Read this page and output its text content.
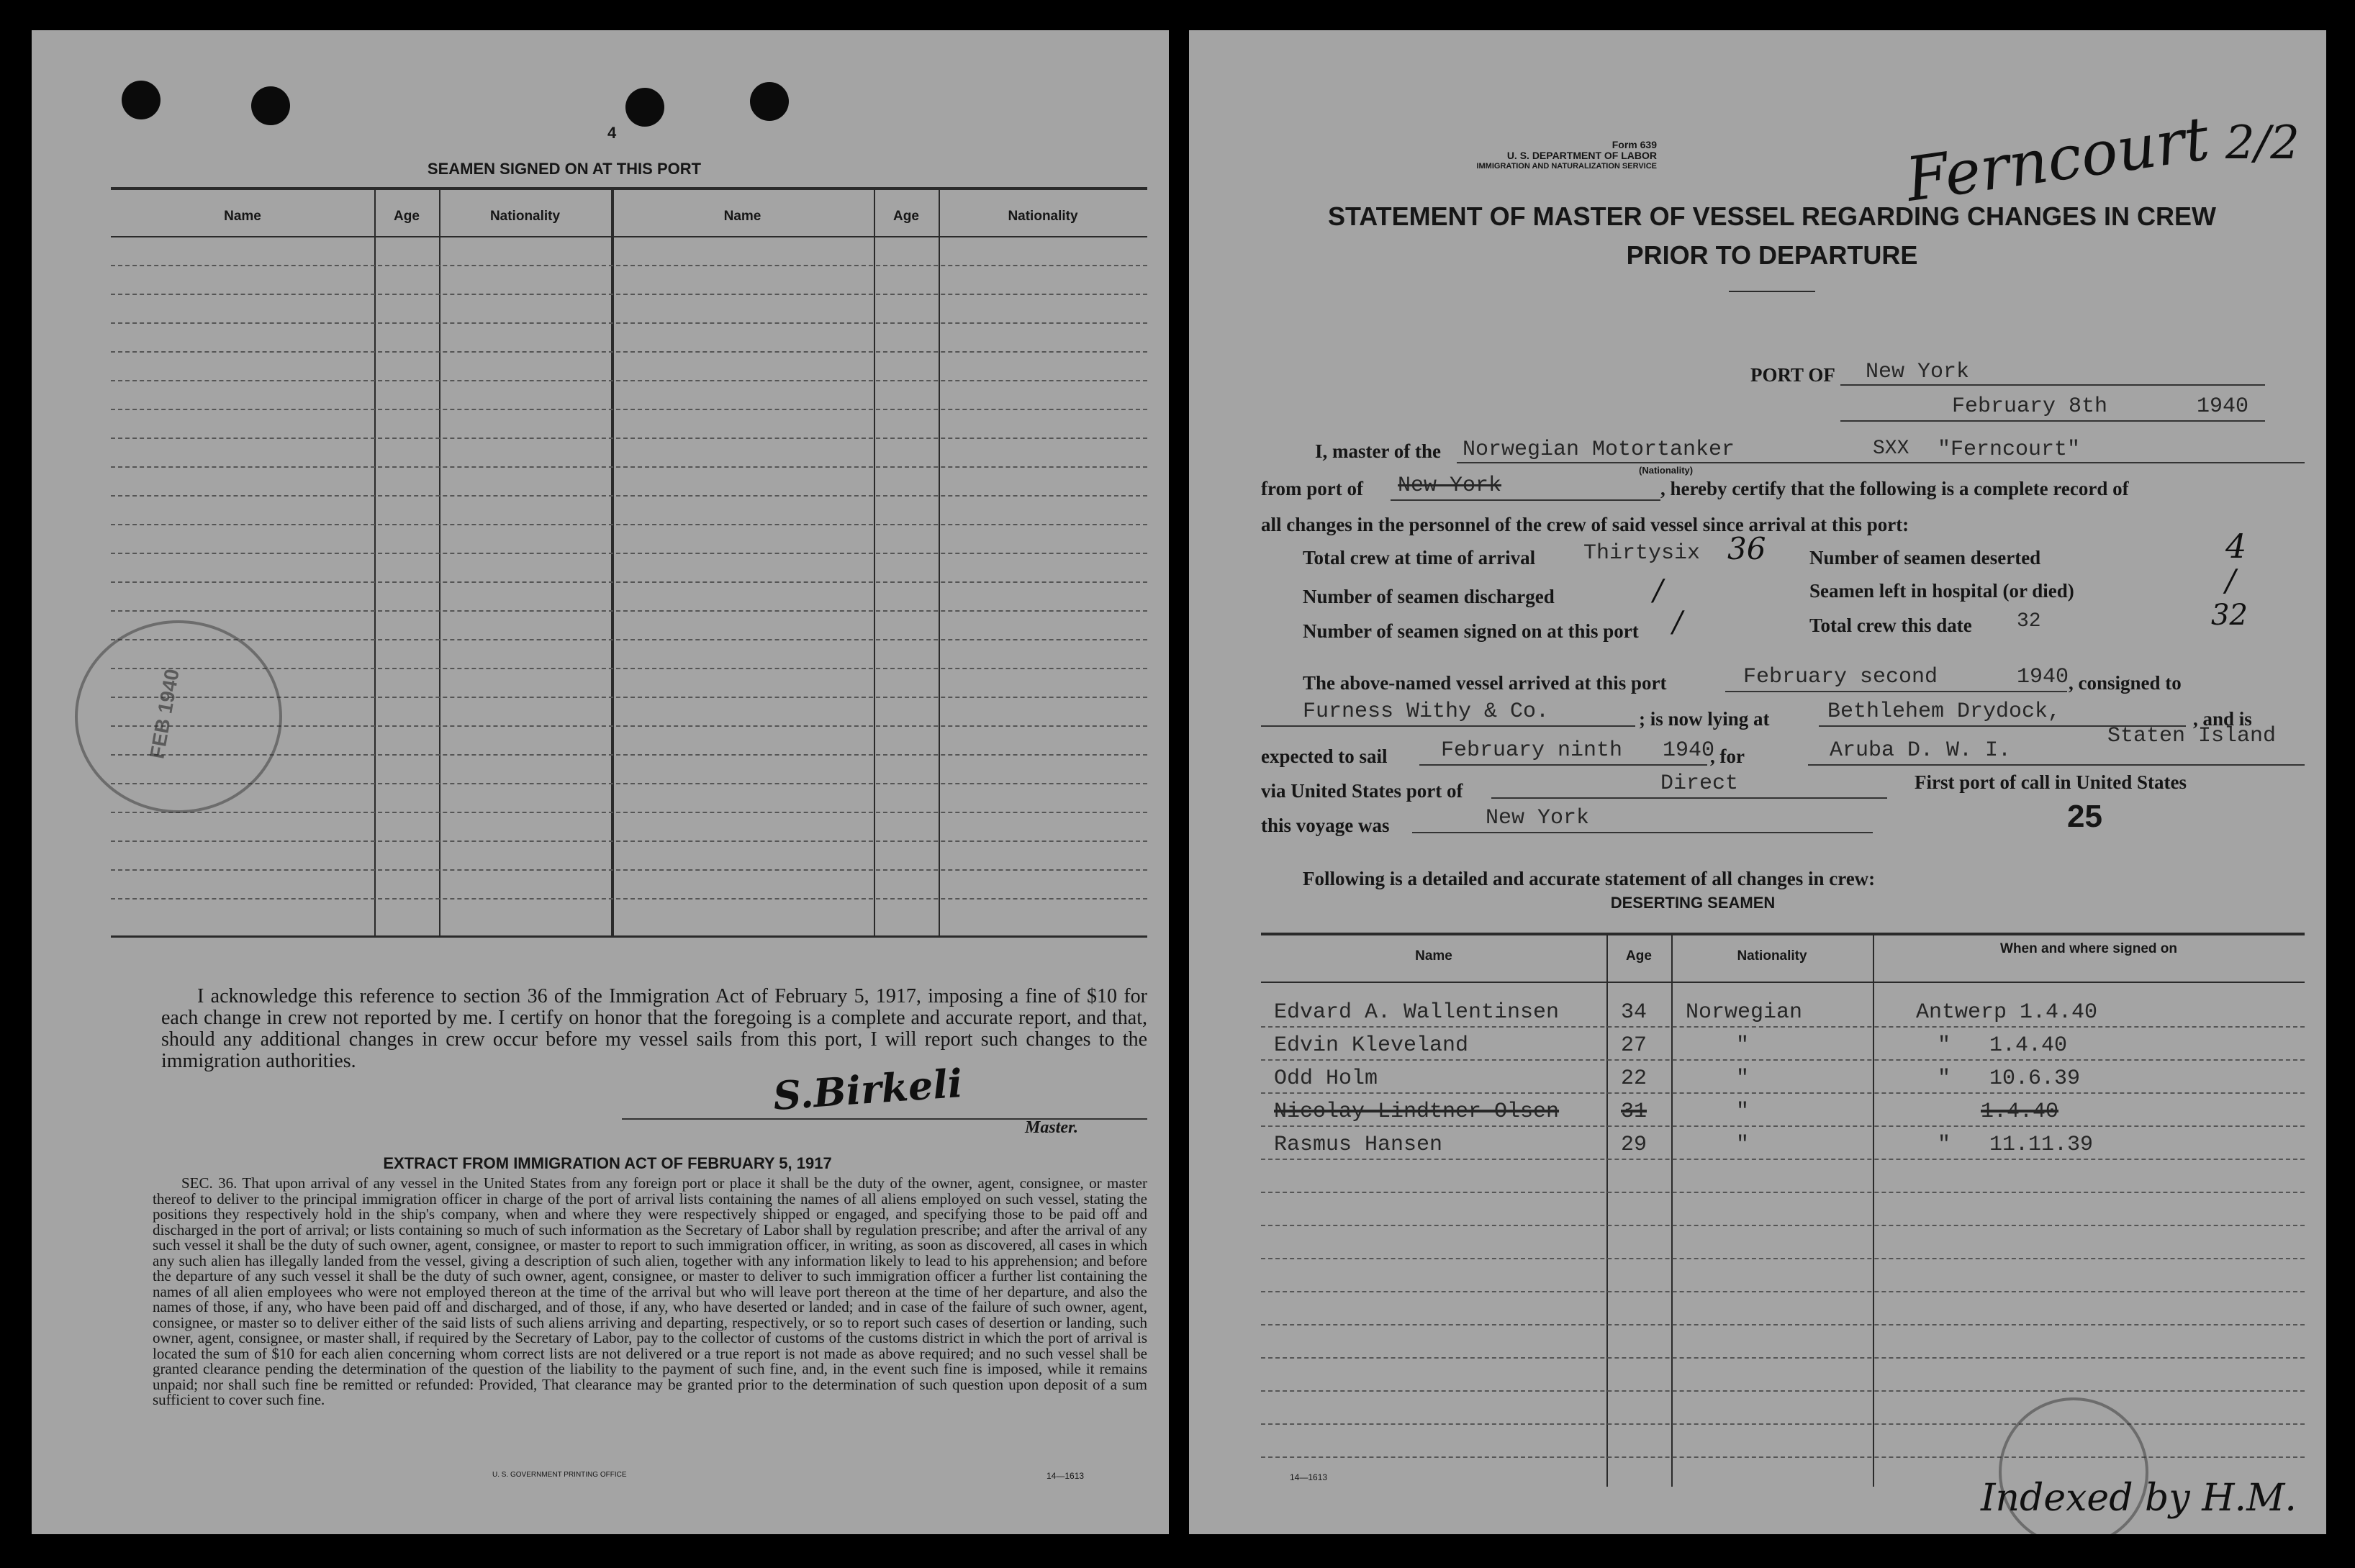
4
SEAMEN SIGNED ON AT THIS PORT
Name	Age	Nationality	Name	Age	Nationality
FEB 1940
I acknowledge this reference to section 36 of the Immigration Act of February 5, 1917, imposing a fine of $10 for each change in crew not reported by me. I certify on honor that the foregoing is a complete and accurate report, and that, should any additional changes in crew occur before my vessel sails from this port, I will report such changes to the immigration authorities.	S.Birkeli
Master.
EXTRACT FROM IMMIGRATION ACT OF FEBRUARY 5, 1917
SEC. 36. That upon arrival of any vessel in the United States from any foreign port or place it shall be the duty of the owner, agent, consignee, or master thereof to deliver to the principal immigration officer in charge of the port of arrival lists containing the names of all aliens employed on such vessel, stating the positions they respectively hold in the ship's company, when and where they were respectively shipped or engaged, and specifying those to be paid off and discharged in the port of arrival; or lists containing so much of such information as the Secretary of Labor shall by regulation prescribe; and after the arrival of any such vessel it shall be the duty of such owner, agent, consignee, or master to report to such immigration officer, in writing, as soon as discovered, all cases in which any such alien has illegally landed from the vessel, giving a description of such alien, together with any information likely to lead to his apprehension; and before the departure of any such vessel it shall be the duty of such owner, agent, consignee, or master to deliver to such immigration officer a further list containing the names of all alien employees who were not employed thereon at the time of the arrival but who will leave port thereon at the time of her departure, and also the names of those, if any, who have been paid off and discharged, and of those, if any, who have deserted or landed; and in case of the failure of such owner, agent, consignee, or master so to deliver either of the said lists of such aliens arriving and departing, respectively, or so to report such cases of desertion or landing, such owner, agent, consignee, or master shall, if required by the Secretary of Labor, pay to the collector of customs of the customs district in which the port of arrival is located the sum of $10 for each alien concerning whom correct lists are not delivered or a true report is not made as above required; and no such vessel shall be granted clearance pending the determination of the question of the liability to the payment of such fine, and, in the event such fine is imposed, while it remains unpaid; nor shall such fine be remitted or refunded: Provided, That clearance may be granted prior to the determination of such question upon deposit of a sum sufficient to cover such fine.
U. S. GOVERNMENT PRINTING OFFICE	14—1613
Form 639
U. S. DEPARTMENT OF LABOR
IMMIGRATION AND NATURALIZATION SERVICE	Ferncourt 2/2
STATEMENT OF MASTER OF VESSEL REGARDING CHANGES IN CREW
PRIOR TO DEPARTURE
PORT OF New York
February 8th	1940
I, master of the Norwegian Motortanker
(Nationality)
SXX "Ferncourt"
from port of New York	, hereby certify that the following is a complete record of
all changes in the personnel of the crew of said vessel since arrival at this port:
Total crew at time of arrival Thirtysix 36 Number of seamen deserted	4
Number of seamen discharged	/	Seamen left in hospital (or died)	/
Number of seamen signed on at this port /	Total crew this date 32	32
The above-named vessel arrived at this port	February second	1940 , consigned to
Furness Withy & Co.	; is now lying at	Bethlehem Drydock,	, and is
Staten Island
expected to sail February ninth 1940
, for	Aruba D. W. I.
via United States port of	Direct	First port of call in United States
this voyage was	New York	25
Following is a detailed and accurate statement of all changes in crew:
DESERTING SEAMEN
Name	Age	Nationality	When and where signed on
Edvard A. Wallentinsen	34 Norwegian	Antwerp 1.4.40
Edvin Kleveland	27	"	"   1.4.40
Odd Holm	22	"	"   10.6.39
Nicolay Lindtner Olsen	31	"	1.4.40
Rasmus Hansen	29	"	"   11.11.39
14—1613	Indexed by H.M.
